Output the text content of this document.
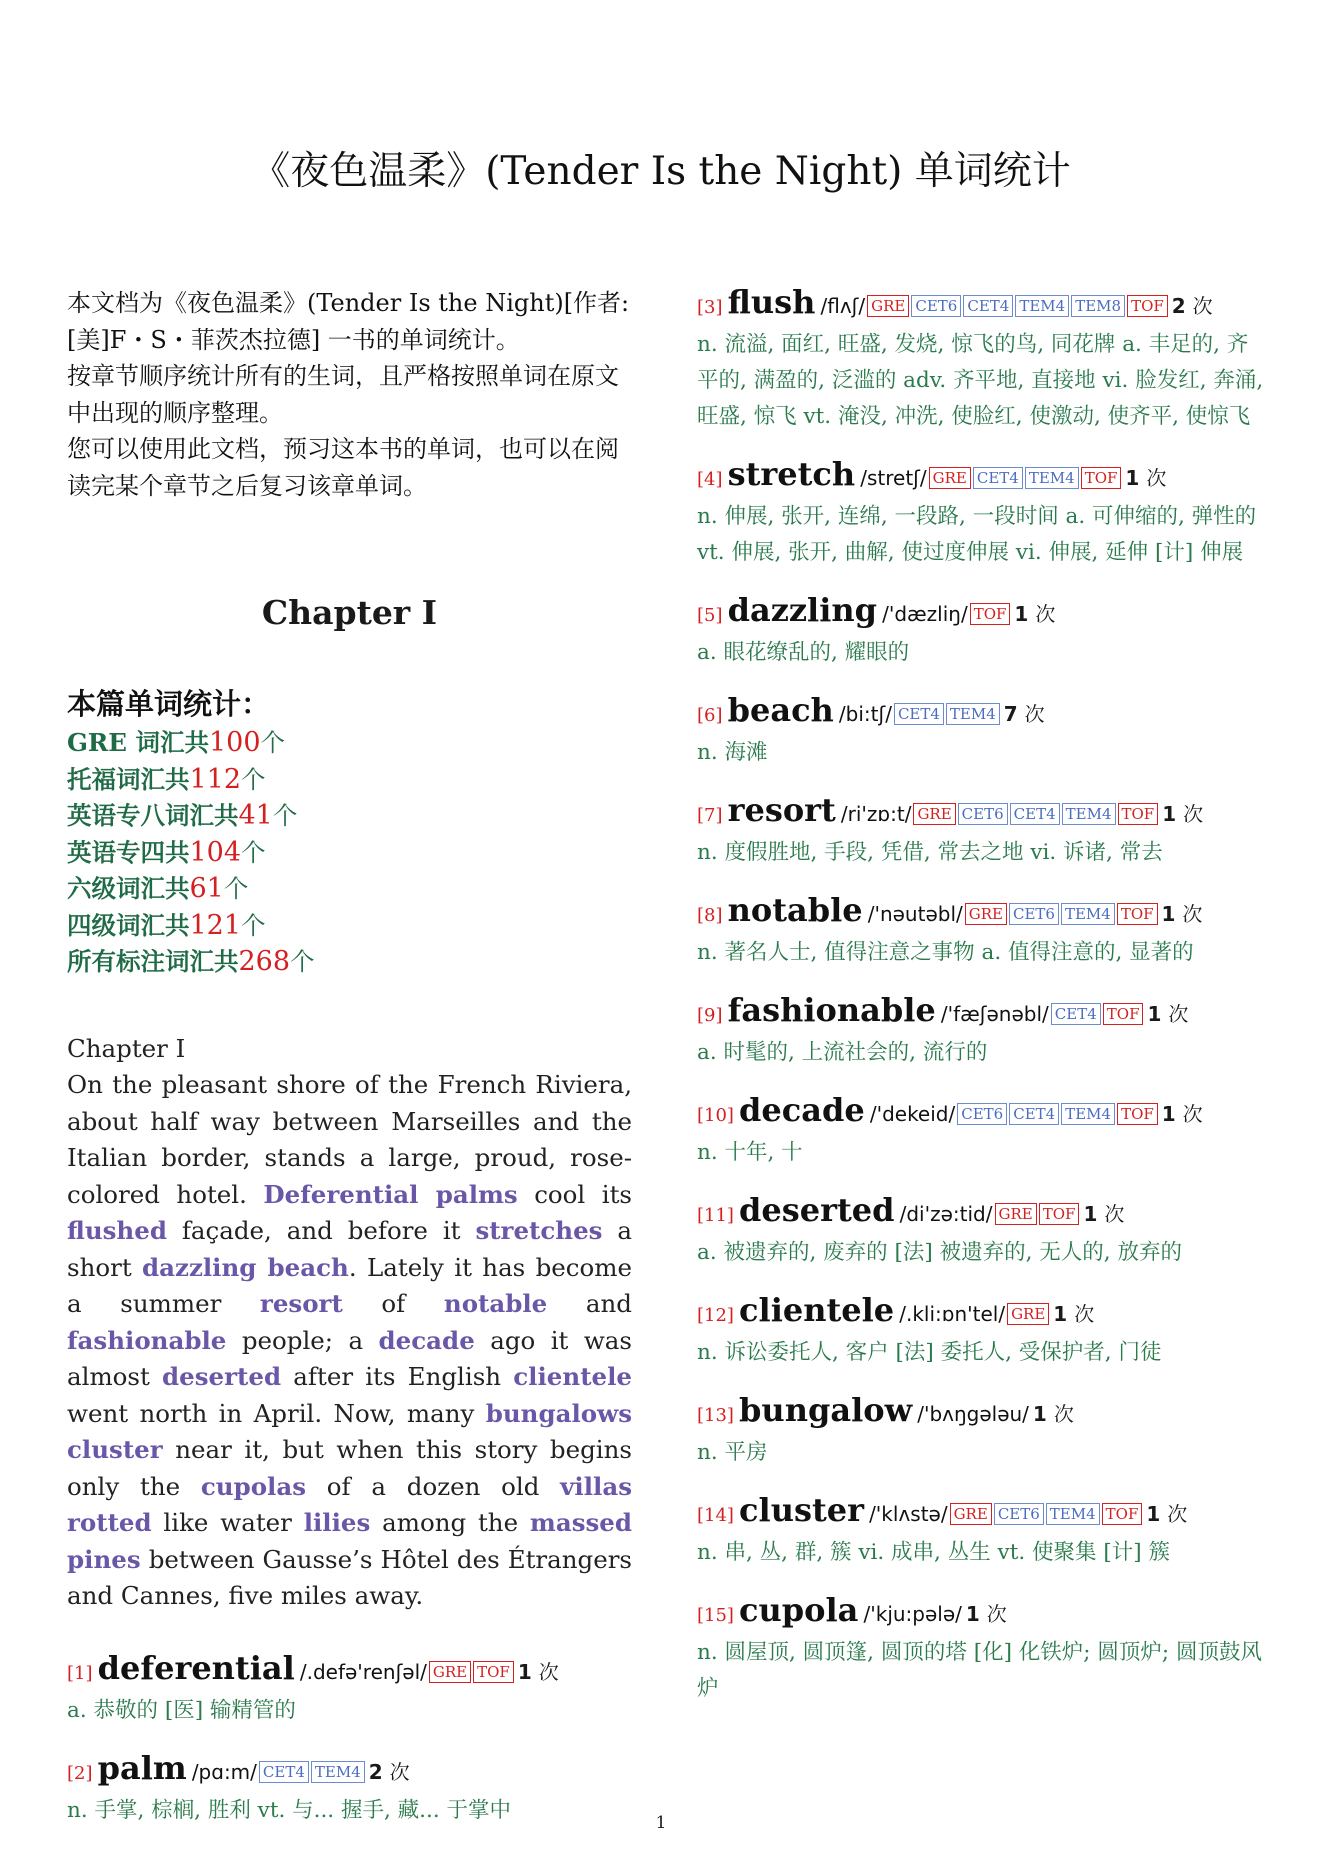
《夜色温柔》(Tender Is the Night) 单词统计

本文档为《夜色温柔》(Tender Is the Night)[作者: [美]F・S・菲茨杰拉德] 一书的单词统计。

按章节顺序统计所有的生词，且严格按照单词在原文中出现的顺序整理。

您可以使用此文档，预习这本书的单词，也可以在阅读完某个章节之后复习该章单词。

Chapter I
本篇单词统计：
GRE 词汇共100个
托福词汇共112个
英语专八词汇共41个
英语专四共104个
六级词汇共61个
四级词汇共121个
所有标注词汇共268个
Chapter I
On the pleasant shore of the French Riviera, about half way between Marseilles and the Italian border, stands a large, proud, rose-colored hotel. Deferential palms cool its flushed façade, and before it stretches a short dazzling beach. Lately it has become a summer resort of notable and fashionable people; a decade ago it was almost deserted after its English clientele went north in April. Now, many bungalows cluster near it, but when this story begins only the cupolas of a dozen old villas rotted like water lilies among the massed pines between Gausse’s Hôtel des Étrangers and Cannes, five miles away.
[1] deferential /.defə'renʃəl/ GRE TOF 1 次
a. 恭敬的 [医] 输精管的
[2] palm /pɑ:m/ CET4 TEM4 2 次
n. 手掌, 棕榈, 胜利 vt. 与... 握手, 藏... 于掌中
[3] flush /flʌʃ/ GRE CET6 CET4 TEM4 TEM8 TOF 2 次
n. 流溢, 面红, 旺盛, 发烧, 惊飞的鸟, 同花牌 a. 丰足的, 齐平的, 满盈的, 泛滥的 adv. 齐平地, 直接地 vi. 脸发红, 奔涌, 旺盛, 惊飞 vt. 淹没, 冲洗, 使脸红, 使激动, 使齐平, 使惊飞
[4] stretch /stretʃ/ GRE CET4 TEM4 TOF 1 次
n. 伸展, 张开, 连绵, 一段路, 一段时间 a. 可伸缩的, 弹性的 vt. 伸展, 张开, 曲解, 使过度伸展 vi. 伸展, 延伸 [计] 伸展
[5] dazzling /'dæzliŋ/ TOF 1 次
a. 眼花缭乱的, 耀眼的
[6] beach /bi:tʃ/ CET4 TEM4 7 次
n. 海滩
[7] resort /ri'zɒ:t/ GRE CET6 CET4 TEM4 TOF 1 次
n. 度假胜地, 手段, 凭借, 常去之地 vi. 诉诸, 常去
[8] notable /'nəutəbl/ GRE CET6 TEM4 TOF 1 次
n. 著名人士, 值得注意之事物 a. 值得注意的, 显著的
[9] fashionable /'fæʃənəbl/ CET4 TOF 1 次
a. 时髦的, 上流社会的, 流行的
[10] decade /'dekeid/ CET6 CET4 TEM4 TOF 1 次
n. 十年, 十
[11] deserted /di'zə:tid/ GRE TOF 1 次
a. 被遗弃的, 废弃的 [法] 被遗弃的, 无人的, 放弃的
[12] clientele /.kli:ɒn'tel/ GRE 1 次
n. 诉讼委托人, 客户 [法] 委托人, 受保护者, 门徒
[13] bungalow /'bʌŋgələu/ 1 次
n. 平房
[14] cluster /'klʌstə/ GRE CET6 TEM4 TOF 1 次
n. 串, 丛, 群, 簇 vi. 成串, 丛生 vt. 使聚集 [计] 簇
[15] cupola /'kju:pələ/ 1 次
n. 圆屋顶, 圆顶篷, 圆顶的塔 [化] 化铁炉; 圆顶炉; 圆顶鼓风炉
1
